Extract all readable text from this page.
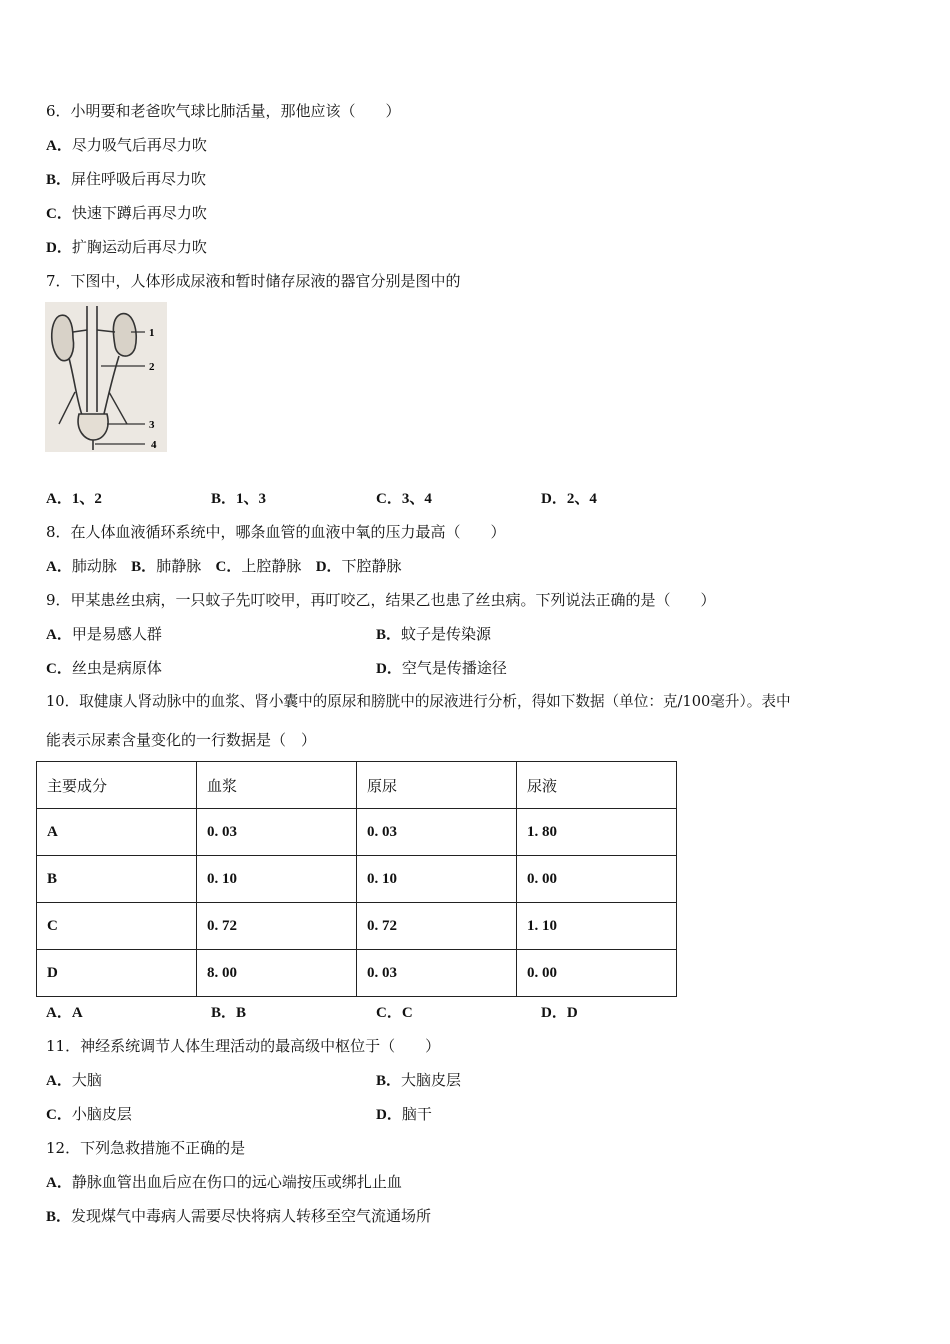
6．小明要和老爸吹气球比肺活量，那他应该（　　）
A．尽力吸气后再尽力吹
B．屏住呼吸后再尽力吹
C．快速下蹲后再尽力吹
D．扩胸运动后再尽力吹
7．下图中，人体形成尿液和暂时储存尿液的器官分别是图中的
1
2
3
4
A．1、2	B．1、3	C．3、4	D．2、4
8．在人体血液循环系统中，哪条血管的血液中氧的压力最高（　　）
A．肺动脉 B．肺静脉 C．上腔静脉 D．下腔静脉
9．甲某患丝虫病，一只蚊子先叮咬甲，再叮咬乙，结果乙也患了丝虫病。下列说法正确的是（　　）
A．甲是易感人群	B．蚊子是传染源
C．丝虫是病原体	D．空气是传播途径
10．取健康人肾动脉中的血浆、肾小囊中的原尿和膀胱中的尿液进行分析，得如下数据（单位：克/100毫升）。表中
能表示尿素含量变化的一行数据是（　）
主要成分	血浆	原尿	尿液
A	0. 03	0. 03	1. 80
B	0. 10	0. 10	0. 00
C	0. 72	0. 72	1. 10
D	8. 00	0. 03	0. 00
A．A	B．B	C．C	D．D
11．神经系统调节人体生理活动的最高级中枢位于（　　）
A．大脑	B．大脑皮层
C．小脑皮层	D．脑干
12．下列急救措施不正确的是
A．静脉血管出血后应在伤口的远心端按压或绑扎止血
B．发现煤气中毒病人需要尽快将病人转移至空气流通场所
